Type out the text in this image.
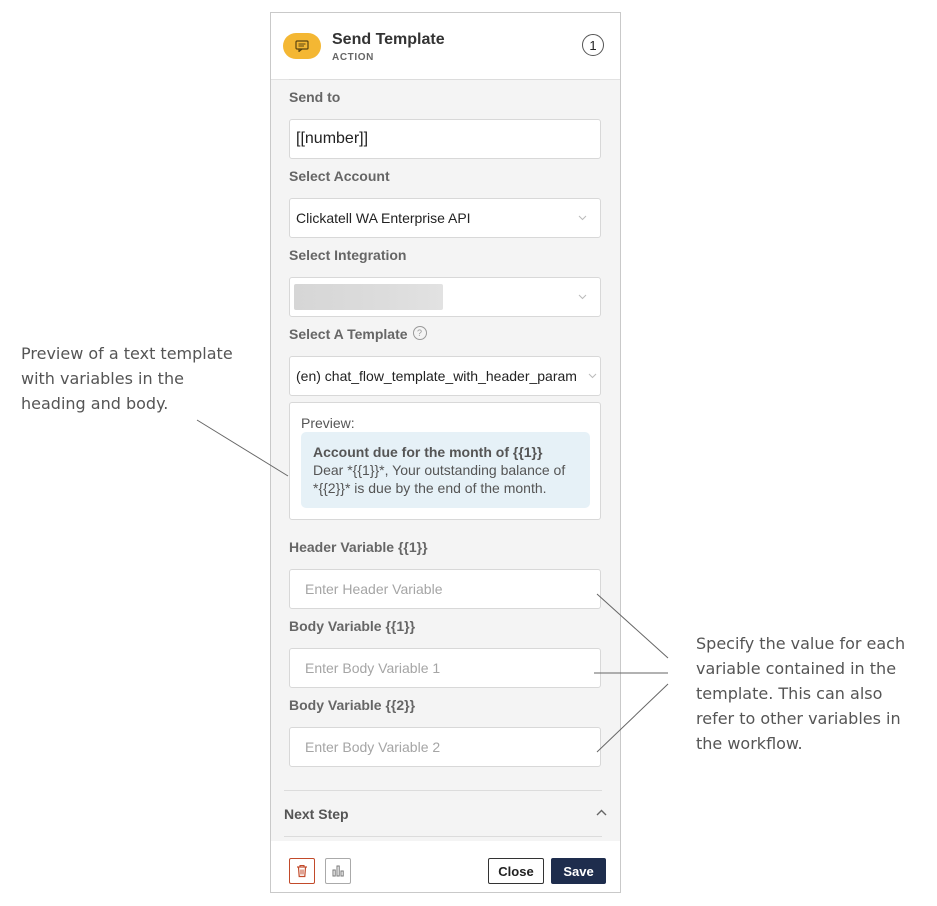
Send Template
ACTION
1
Send to
[[number]]
Select Account
Clickatell WA Enterprise API
Select Integration
Select A Template ?
(en) chat_flow_template_with_header_param
Preview:
Account due for the month of {{1}}
Dear *{{1}}*, Your outstanding balance of
*{{2}}* is due by the end of the month.
Header Variable {{1}}
Enter Header Variable
Body Variable {{1}}
Enter Body Variable 1
Body Variable {{2}}
Enter Body Variable 2
Next Step
Close	Save
Preview of a text template
with variables in the
heading and body.
Specify the value for each
variable contained in the
template. This can also
refer to other variables in
the workflow.
